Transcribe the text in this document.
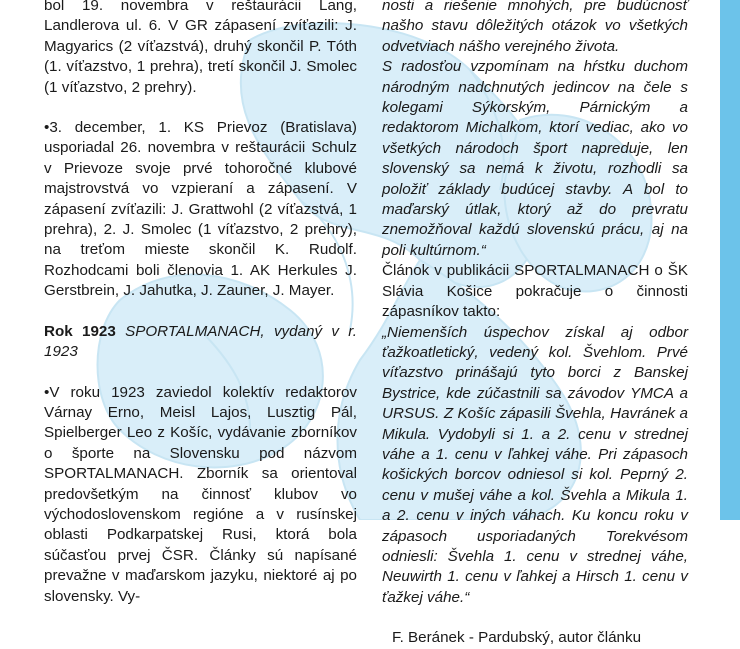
bol 19. novembra v reštaurácii Lang, Landlerova ul. 6. V GR zápasení zvíťazili: J. Magyarics (2 víťazstvá), druhý skončil P. Tóth (1. víťazstvo, 1 prehra), tretí skončil J. Smolec (1 víťazstvo, 2 prehry).

•3. december, 1. KS Prievoz (Bratislava) usporiadal 26. novembra v reštaurácii Schulz v Prievoze svoje prvé tohoročné klubové majstrovstvá vo vzpieraní a zápasení. V zápasení zvíťazili: J. Grattwohl (2 víťazstvá, 1 prehra), 2. J. Smolec (1 víťazstvo, 2 prehry), na treťom mieste skončil K. Rudolf. Rozhodcami boli členovia 1. AK Herkules J. Gerstbrein, J. Jahutka, J. Zauner, J. Mayer.

Rok 1923 SPORTALMANACH, vydaný v r. 1923

•V roku 1923 zaviedol kolektív redaktorov Várnay Erno, Meisl Lajos, Lusztig Pál, Spielberger Leo z Košíc, vydávanie zborníkov o športe na Slovensku pod názvom SPORTALMANACH. Zborník sa orientoval predovšetkým na činnosť klubov vo východoslovenskom regióne a v rusínskej oblasti Podkarpatskej Rusi, ktorá bola súčasťou prvej ČSR. Články sú napísané prevažne v maďarskom jazyku, niektoré aj po slovensky. Vy-

nosti a riešenie mnohých, pre budúcnosť našho stavu dôležitých otázok vo všetkých odvetviach nášho verejného života.

S radosťou vzpomínam na hŕstku duchom národným nadchnutých jedincov na čele s kolegami Sýkorským, Párnickým a redaktorom Michalkom, ktorí vediac, ako vo všetkých národoch šport napreduje, len slovenský sa nemá k životu, rozhodli sa položiť základy budúcej stavby. A bol to maďarský útlak, ktorý až do prevratu znemožňoval každú slovenskú prácu, aj na poli kultúrnom.“

Článok v publikácii SPORTALMANACH o ŠK Slávia Košice pokračuje o činnosti zápasníkov takto:

„Niemenších úspechov získal aj odbor ťažkoatletický, vedený kol. Švehlom. Prvé víťazstvo prinášajú tyto borci z Banskej Bystrice, kde zúčastnili sa závodov YMCA a URSUS. Z Košíc zápasili Švehla, Havránek a Mikula. Vydobyli si 1. a 2. cenu v strednej váhe a 1. cenu v ľahkej váhe. Pri zápasoch košických borcov odniesol si kol. Peprný 2. cenu v mušej váhe a kol. Švehla a Mikula 1. a 2. cenu v iných váhach. Ku koncu roku v zápasoch usporiadaných Torekvésom odniesli: Švehla 1. cenu v strednej váhe, Neuwirth 1. cenu v ľahkej a Hirsch 1. cenu v ťažkej váhe.“

F. Beránek - Pardubský, autor článku
